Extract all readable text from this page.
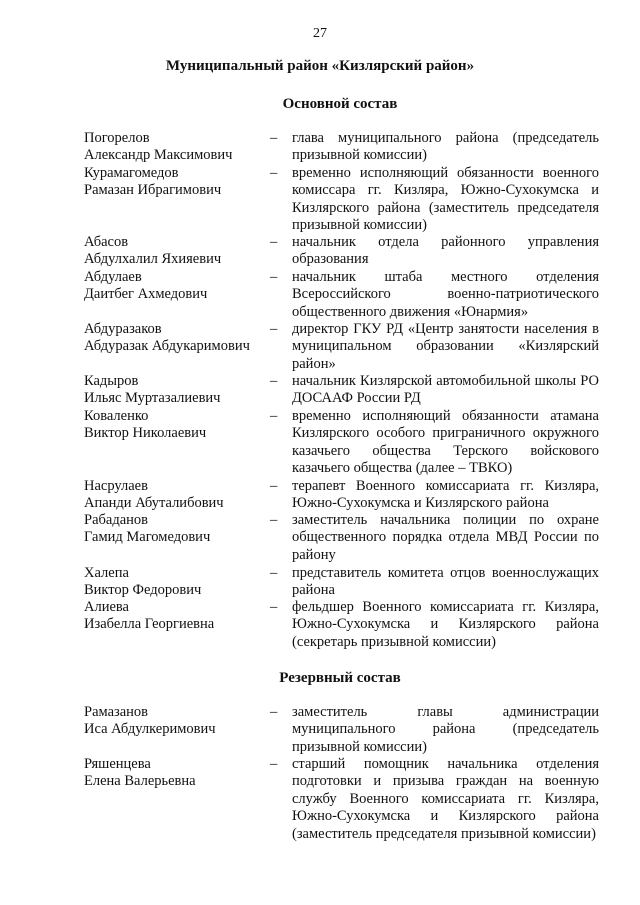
27
Муниципальный район «Кизлярский район»
Основной состав
Погорелов
Александр Максимович
– глава муниципального района (председатель призывной комиссии)
Курамагомедов
Рамазан Ибрагимович
– временно исполняющий обязанности военного комиссара гг. Кизляра, Южно-Сухокумска и Кизлярского района (заместитель председателя призывной комиссии)
Абасов
Абдулхалил Яхияевич
– начальник отдела районного управления образования
Абдулаев
Даитбег Ахмедович
– начальник штаба местного отделения Всероссийского военно-патриотического общественного движения «Юнармия»
Абдуразаков
Абдуразак Абдукаримович
– директор ГКУ РД «Центр занятости населения в муниципальном образовании «Кизлярский район»
Кадыров
Ильяс Муртазалиевич
– начальник Кизлярской автомобильной школы РО ДОСААФ России РД
Коваленко
Виктор Николаевич
– временно исполняющий обязанности атамана Кизлярского особого приграничного окружного казачьего общества Терского войскового казачьего общества (далее – ТВКО)
Насрулаев
Апанди Абуталибович
– терапевт Военного комиссариата гг. Кизляра, Южно-Сухокумска и Кизлярского района
Рабаданов
Гамид Магомедович
– заместитель начальника полиции по охране общественного порядка отдела МВД России по району
Халепа
Виктор Федорович
– представитель комитета отцов военнослужащих района
Алиева
Изабелла Георгиевна
– фельдшер Военного комиссариата гг. Кизляра, Южно-Сухокумска и Кизлярского района (секретарь призывной комиссии)
Резервный состав
Рамазанов
Иса Абдулкеримович
– заместитель главы администрации муниципального района (председатель призывной комиссии)
Ряшенцева
Елена Валерьевна
– старший помощник начальника отделения подготовки и призыва граждан на военную службу Военного комиссариата гг. Кизляра, Южно-Сухокумска и Кизлярского района (заместитель председателя призывной комиссии)
